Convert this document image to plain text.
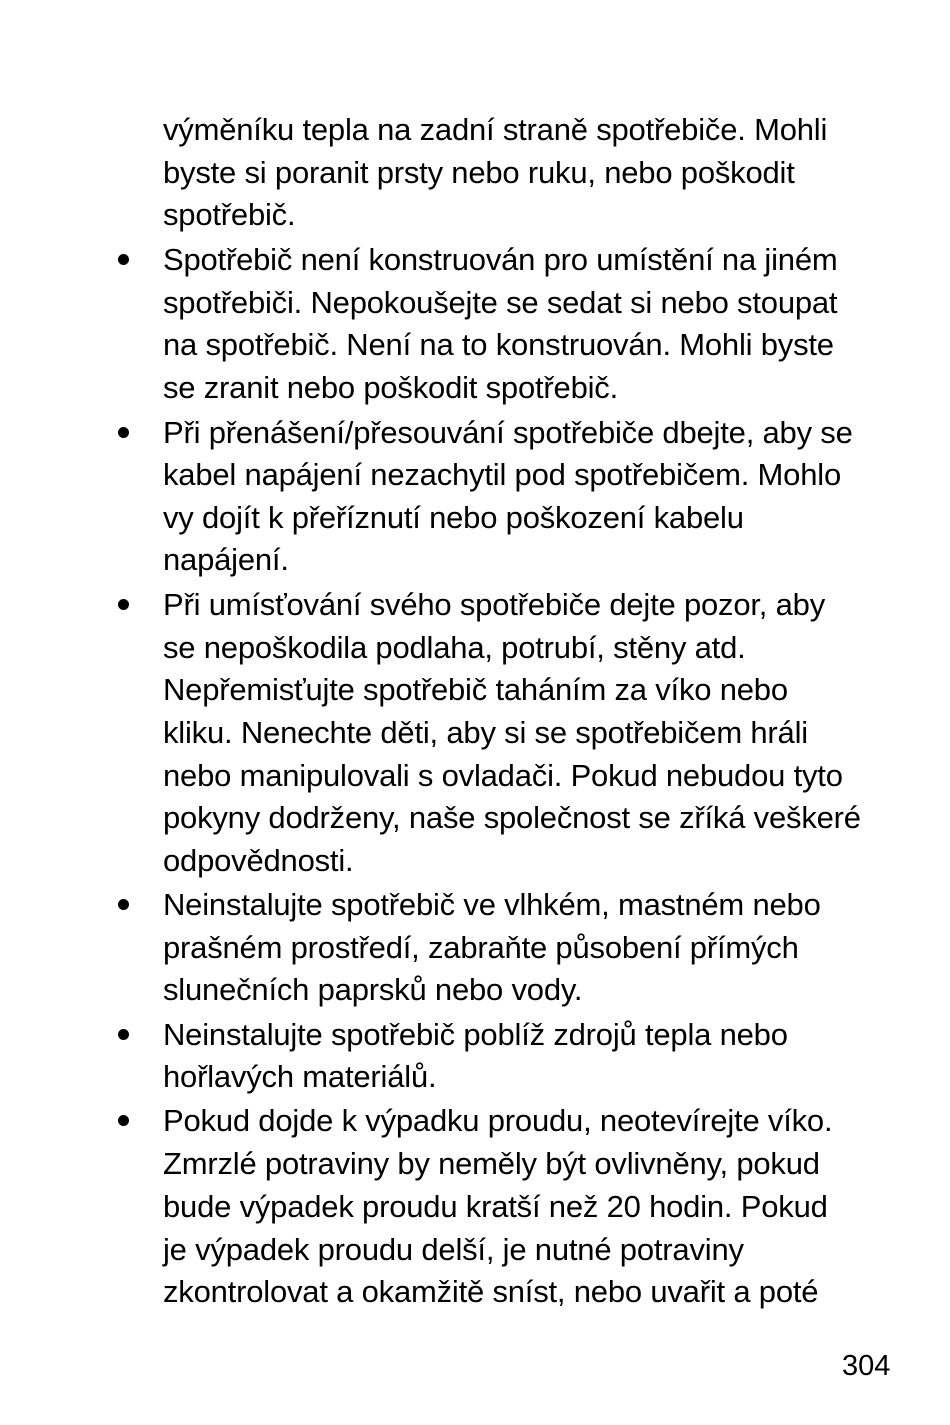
výměníku tepla na zadní straně spotřebiče. Mohli
byste si poranit prsty nebo ruku, nebo poškodit
spotřebič.
Spotřebič není konstruován pro umístění na jiném
spotřebiči. Nepokoušejte se sedat si nebo stoupat
na spotřebič. Není na to konstruován. Mohli byste
se zranit nebo poškodit spotřebič.
Při přenášení/přesouvání spotřebiče dbejte, aby se
kabel napájení nezachytil pod spotřebičem. Mohlo
vy dojít k přeříznutí nebo poškození kabelu
napájení.
Při umísťování svého spotřebiče dejte pozor, aby
se nepoškodila podlaha, potrubí, stěny atd.
Nepřemisťujte spotřebič taháním za víko nebo
kliku. Nenechte děti, aby si se spotřebičem hráli
nebo manipulovali s ovladači. Pokud nebudou tyto
pokyny dodrženy, naše společnost se zříká veškeré
odpovědnosti.
Neinstalujte spotřebič ve vlhkém, mastném nebo
prašném prostředí, zabraňte působení přímých
slunečních paprsků nebo vody.
Neinstalujte spotřebič poblíž zdrojů tepla nebo
hořlavých materiálů.
Pokud dojde k výpadku proudu, neotevírejte víko.
Zmrzlé potraviny by neměly být ovlivněny, pokud
bude výpadek proudu kratší než 20 hodin. Pokud
je výpadek proudu delší, je nutné potraviny
zkontrolovat a okamžitě sníst, nebo uvařit a poté
304
